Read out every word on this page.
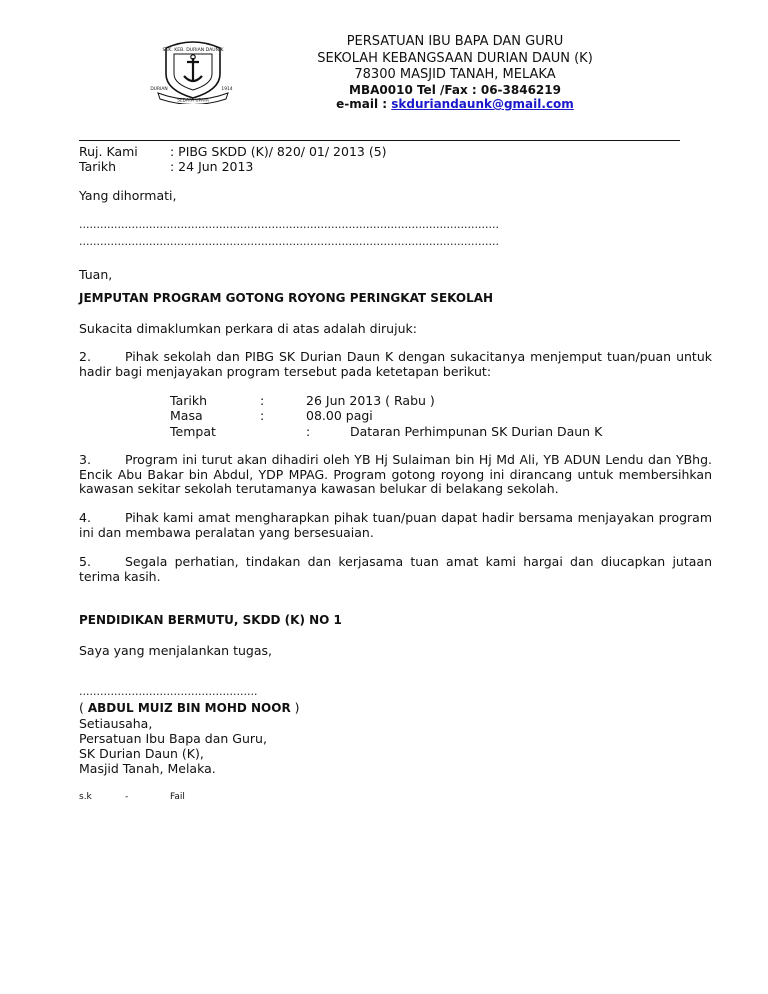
SEK. KEB. DURIAN DAUN K
DURIAN	1914
SEDAYA UPAYA
PERSATUAN IBU BAPA DAN GURU
SEKOLAH KEBANGSAAN DURIAN DAUN (K)
78300 MASJID TANAH, MELAKA
MBA0010 Tel /Fax : 06-3846219
e-mail : skduriandaunk@gmail.com
Ruj. Kami	: PIBG SKDD (K)/ 820/ 01/ 2013 (5)
Tarikh	: 24 Jun 2013
Yang dihormati,
…………………………………………………………………………………………………………
…………………………………………………………………………………………………………
Tuan,
JEMPUTAN PROGRAM GOTONG ROYONG PERINGKAT SEKOLAH
Sukacita dimaklumkan perkara di atas adalah dirujuk:
2.	Pihak sekolah dan PIBG SK Durian Daun K dengan sukacitanya menjemput tuan/puan untuk hadir bagi menjayakan program tersebut pada ketetapan berikut:
Tarikh	:	26 Jun 2013 ( Rabu )
Masa	:	08.00 pagi
Tempat	:	Dataran Perhimpunan SK Durian Daun K
3.	Program ini turut akan dihadiri oleh YB Hj Sulaiman bin Hj Md Ali, YB ADUN Lendu dan YBhg. Encik Abu Bakar bin Abdul, YDP MPAG. Program gotong royong ini dirancang untuk membersihkan kawasan sekitar sekolah terutamanya kawasan belukar di belakang sekolah.
4.	Pihak kami amat mengharapkan pihak tuan/puan dapat hadir bersama menjayakan program ini dan membawa peralatan yang bersesuaian.
5.	Segala perhatian, tindakan dan kerjasama tuan amat kami hargai dan diucapkan jutaan terima kasih.
PENDIDIKAN BERMUTU, SKDD (K) NO 1
Saya yang menjalankan tugas,
……………………………………………
( ABDUL MUIZ BIN MOHD NOOR )
Setiausaha,
Persatuan Ibu Bapa dan Guru,
SK Durian Daun (K),
Masjid Tanah, Melaka.
s.k	-	Fail
